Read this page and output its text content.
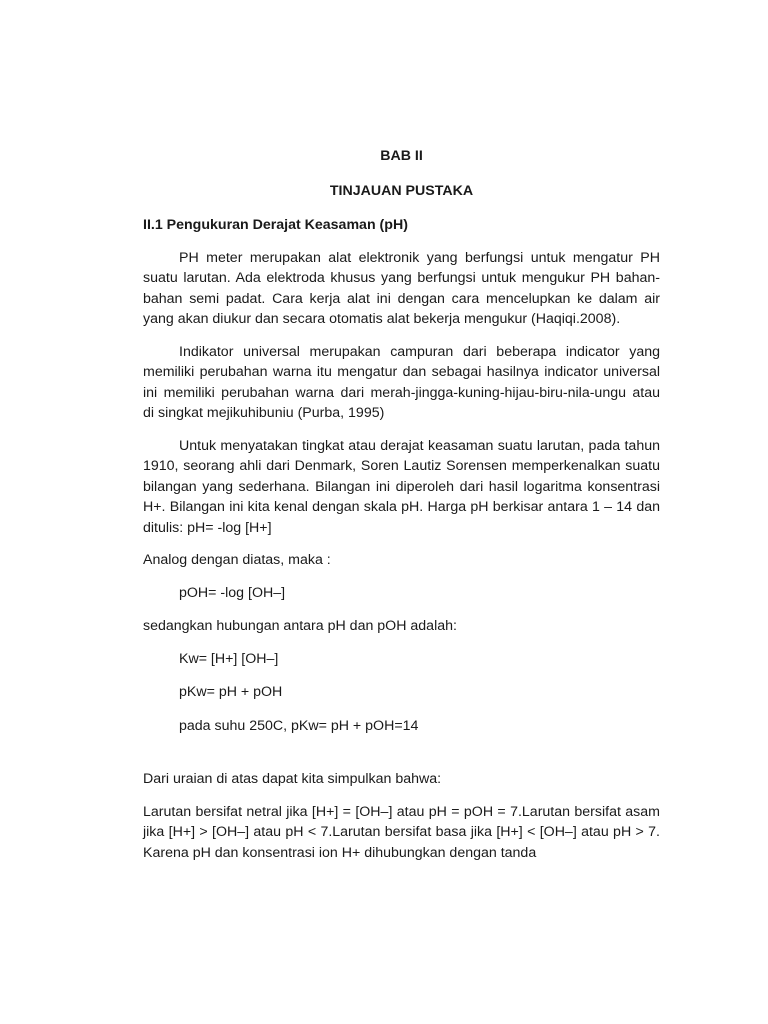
BAB II
TINJAUAN PUSTAKA
II.1 Pengukuran Derajat Keasaman (pH)
PH meter merupakan alat elektronik yang berfungsi untuk mengatur PH suatu larutan. Ada elektroda khusus yang berfungsi untuk mengukur PH bahan-bahan semi padat. Cara kerja alat ini dengan cara mencelupkan ke dalam air yang akan diukur dan secara otomatis alat bekerja mengukur (Haqiqi.2008).
Indikator universal merupakan campuran dari beberapa indicator yang memiliki perubahan warna itu mengatur dan sebagai hasilnya indicator universal ini memiliki perubahan warna dari merah-jingga-kuning-hijau-biru-nila-ungu atau di singkat mejikuhibuniu (Purba, 1995)
Untuk menyatakan tingkat atau derajat keasaman suatu larutan, pada tahun 1910, seorang ahli dari Denmark, Soren Lautiz Sorensen memperkenalkan suatu bilangan yang sederhana. Bilangan ini diperoleh dari hasil logaritma konsentrasi H+. Bilangan ini kita kenal dengan skala pH. Harga pH berkisar antara 1 – 14 dan ditulis: pH= -log [H+]
Analog dengan diatas, maka :
pOH= -log [OH–]
sedangkan hubungan antara pH dan pOH adalah:
Kw= [H+] [OH–]
pKw= pH + pOH
pada suhu 250C, pKw= pH + pOH=14
Dari uraian di atas dapat kita simpulkan bahwa:
Larutan bersifat netral jika [H+] = [OH–] atau pH = pOH = 7.Larutan bersifat asam jika [H+] > [OH–] atau pH < 7.Larutan bersifat basa jika [H+] < [OH–] atau pH > 7. Karena pH dan konsentrasi ion H+ dihubungkan dengan tanda
